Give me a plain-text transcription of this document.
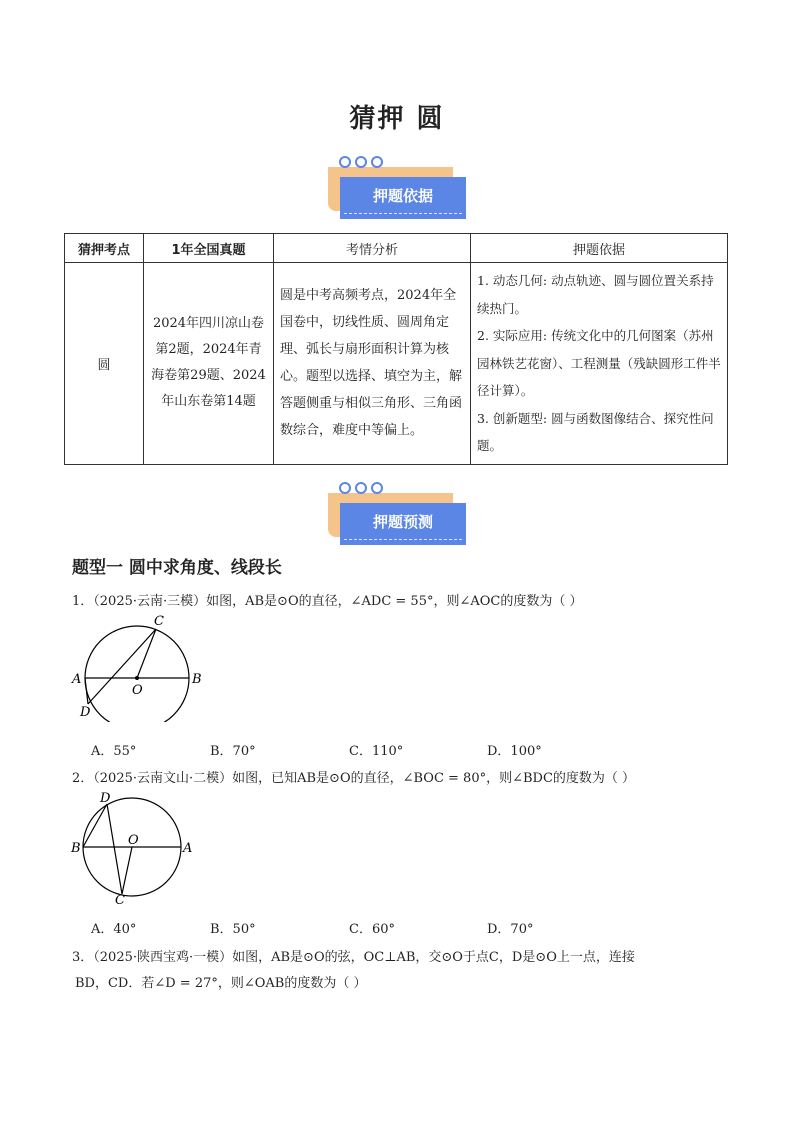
猜押 圆
押题依据
猜押考点	1年全国真题	考情分析	押题依据
圆	2024年四川凉山卷第2题，2024年青海卷第29题、2024年山东卷第14题	圆是中考高频考点，2024年全国卷中，切线性质、圆周角定理、弧长与扇形面积计算为核心。题型以选择、填空为主，解答题侧重与相似三角形、三角函数综合，难度中等偏上。	1. 动态几何: 动点轨迹、圆与圆位置关系持续热门。
2. 实际应用: 传统文化中的几何图案（苏州园林铁艺花窗）、工程测量（残缺圆形工件半径计算）。
3. 创新题型: 圆与函数图像结合、探究性问题。
押题预测
题型一 圆中求角度、线段长
1．（2025·云南·三模）如图，AB是⊙O的直径，∠ADC = 55°，则∠AOC的度数为（ ）
A	B
C
D
O
A．55°	B．70°	C．110°	D．100°
2．（2025·云南文山·二模）如图，已知AB是⊙O的直径，∠BOC = 80°，则∠BDC的度数为（ ）
D
O
B	A
C
A．40°	B．50°	C．60°	D．70°
3．（2025·陕西宝鸡·一模）如图，AB是⊙O的弦，OC⊥AB，交⊙O于点C，D是⊙O上一点，连接
BD，CD．若∠D = 27°，则∠OAB的度数为（ ）
